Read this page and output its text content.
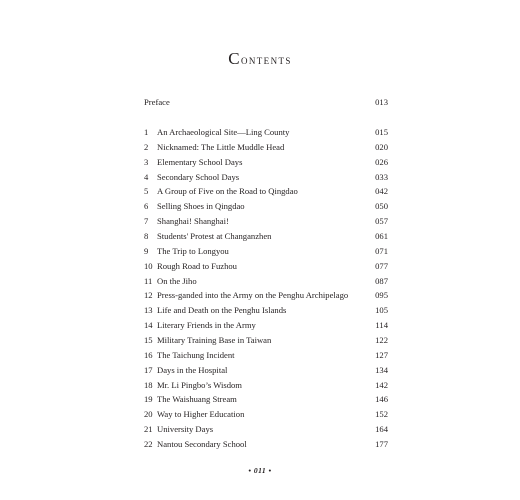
Contents
Preface	013
1	An Archaeological Site—Ling County	015
2	Nicknamed: The Little Muddle Head	020
3	Elementary School Days	026
4	Secondary School Days	033
5	A Group of Five on the Road to Qingdao	042
6	Selling Shoes in Qingdao	050
7	Shanghai! Shanghai!	057
8	Students' Protest at Changanzhen	061
9	The Trip to Longyou	071
10 Rough Road to Fuzhou	077
11 On the Jiho	087
12 Press-ganded into the Army on the Penghu Archipelago	095
13 Life and Death on the Penghu Islands	105
14 Literary Friends in the Army	114
15 Military Training Base in Taiwan	122
16 The Taichung Incident	127
17 Days in the Hospital	134
18 Mr. Li Pingbo’s Wisdom	142
19 The Waishuang Stream	146
20 Way to Higher Education	152
21 University Days	164
22 Nantou Secondary School	177
• 011 •
